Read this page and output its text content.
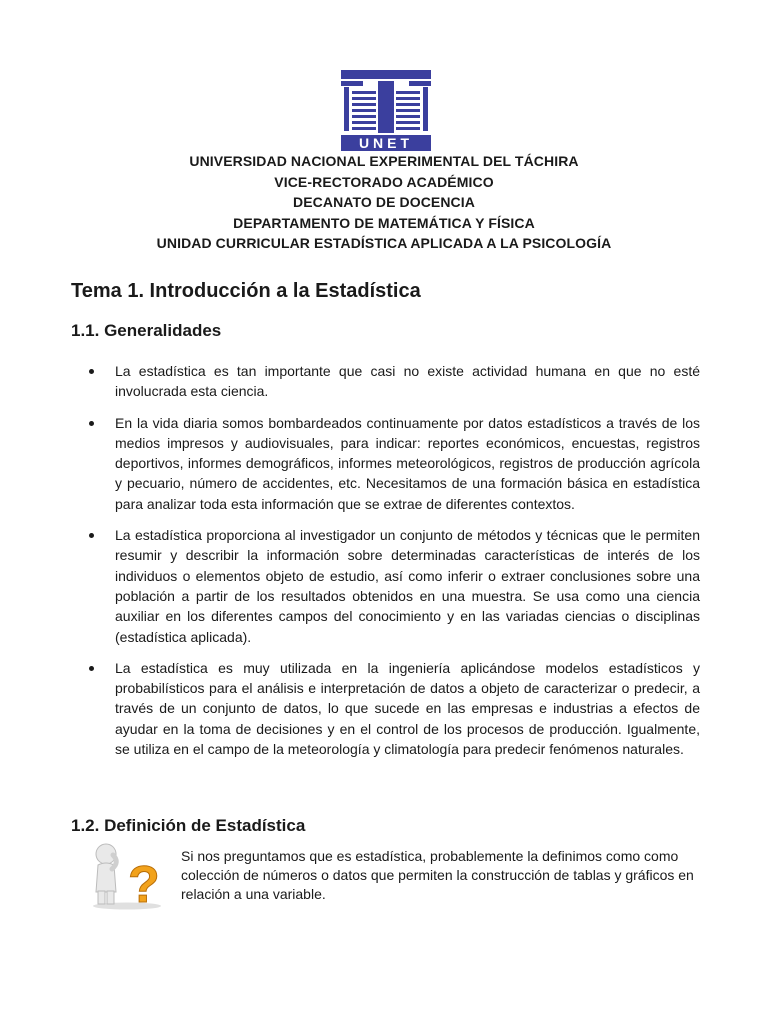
UNET
UNIVERSIDAD NACIONAL EXPERIMENTAL DEL TÁCHIRA
VICE-RECTORADO ACADÉMICO
DECANATO DE DOCENCIA
DEPARTAMENTO DE MATEMÁTICA Y FÍSICA
UNIDAD CURRICULAR ESTADÍSTICA APLICADA A LA PSICOLOGÍA
Tema 1. Introducción a la Estadística
1.1. Generalidades
La estadística es tan importante que casi no existe actividad humana en que no esté involucrada esta ciencia.
En la vida diaria somos bombardeados continuamente por datos estadísticos a través de los medios impresos y audiovisuales, para indicar: reportes económicos, encuestas, registros deportivos, informes demográficos, informes meteorológicos, registros de producción agrícola y pecuario, número de accidentes, etc. Necesitamos de una formación básica en estadística para analizar toda esta información que se extrae de diferentes contextos.
La estadística proporciona al investigador un conjunto de métodos y técnicas que le permiten resumir y describir la información sobre determinadas características de interés de los individuos o elementos objeto de estudio, así como inferir o extraer conclusiones sobre una población a partir de los resultados obtenidos en una muestra. Se usa como una ciencia auxiliar en los diferentes campos del conocimiento y en las variadas ciencias o disciplinas (estadística aplicada).
La estadística es muy utilizada en la ingeniería aplicándose modelos estadísticos y probabilísticos para el análisis e interpretación de datos a objeto de caracterizar o predecir, a través de un conjunto de datos, lo que sucede en las empresas e industrias a efectos de ayudar en la toma de decisiones y en el control de los procesos de producción. Igualmente, se utiliza en el campo de la meteorología y climatología para predecir fenómenos naturales.
1.2. Definición de Estadística
? Si nos preguntamos que es estadística, probablemente la definimos como como colección de números o datos que permiten la construcción de tablas y gráficos en relación a una variable.
